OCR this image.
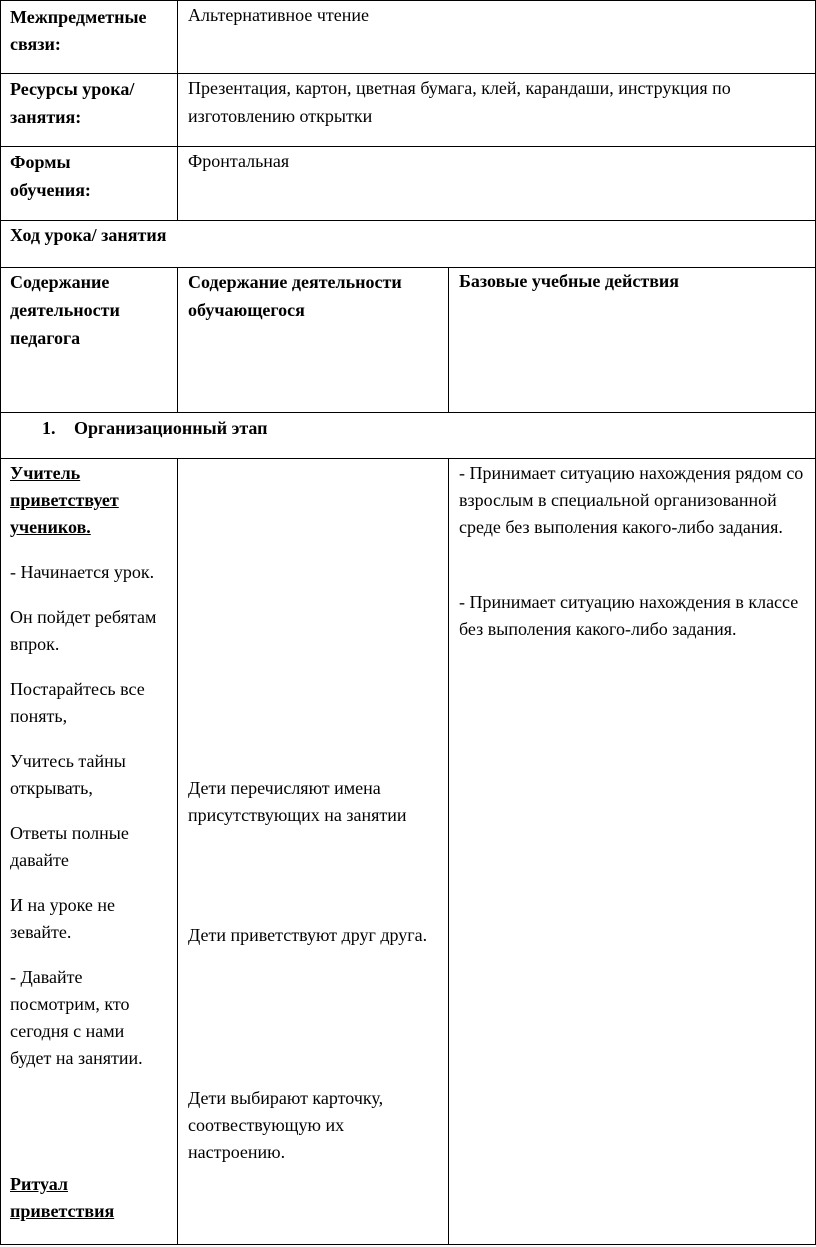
Межпредметные связи:
Альтернативное чтение
Ресурсы урока/ занятия:
Презентация, картон, цветная бумага, клей, карандаши, инструкция по изготовлению открытки
Формы обучения:
Фронтальная
Ход урока/ занятия
Содержание деятельности педагога
Содержание деятельности обучающегося
Базовые учебные действия
1.	Организационный этап

Учитель приветствует учеников.

- Начинается урок.

Он пойдет ребятам впрок.

Постарайтесь все понять,

Учитесь тайны открывать,

Ответы полные давайте

И на уроке не зевайте.

- Давайте посмотрим, кто сегодня с нами будет на занятии.

Ритуал приветствия
Дети перечисляют имена присутствующих на занятии
Дети приветствуют друг друга.
Дети выбирают карточку, соотвествующую их настроению.
- Принимает ситуацию нахождения рядом со взрослым в специальной организованной среде без выполения какого-либо задания.
- Принимает ситуацию нахождения в классе без выполения какого-либо задания.
